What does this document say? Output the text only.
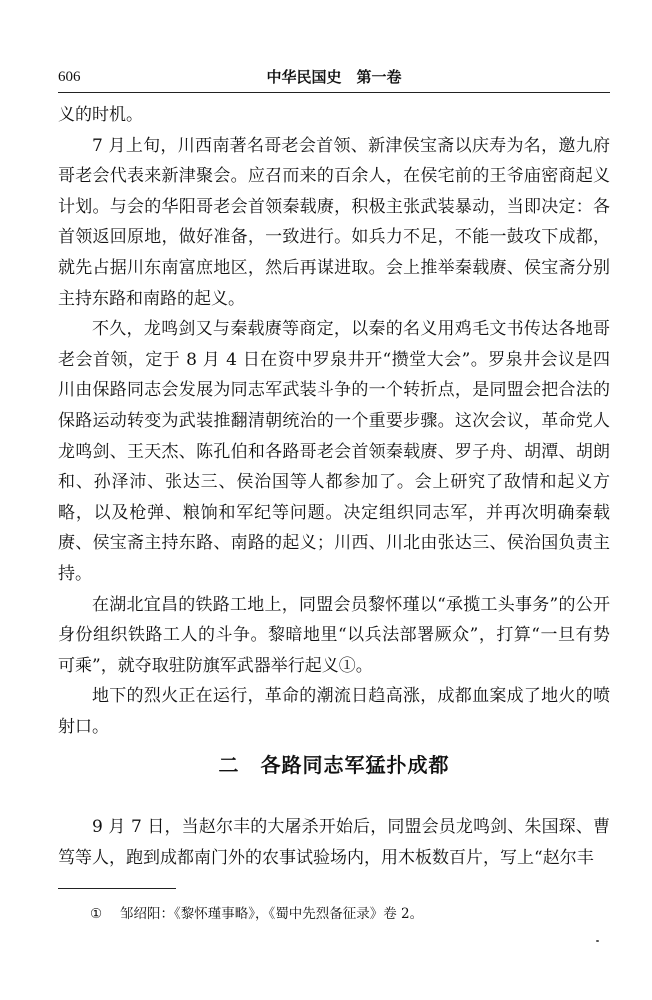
606	中华民国史　第一卷

义的时机。

7 月上旬，川西南著名哥老会首领、新津侯宝斋以庆寿为名，邀九府哥老会代表来新津聚会。应召而来的百余人，在侯宅前的王爷庙密商起义计划。与会的华阳哥老会首领秦载赓，积极主张武装暴动，当即决定：各首领返回原地，做好准备，一致进行。如兵力不足，不能一鼓攻下成都，就先占据川东南富庶地区，然后再谋进取。会上推举秦载赓、侯宝斋分别主持东路和南路的起义。

不久，龙鸣剑又与秦载赓等商定，以秦的名义用鸡毛文书传达各地哥老会首领，定于 8 月 4 日在资中罗泉井开“攒堂大会”。罗泉井会议是四川由保路同志会发展为同志军武装斗争的一个转折点，是同盟会把合法的保路运动转变为武装推翻清朝统治的一个重要步骤。这次会议，革命党人龙鸣剑、王天杰、陈孔伯和各路哥老会首领秦载赓、罗子舟、胡潭、胡朗和、孙泽沛、张达三、侯治国等人都参加了。会上研究了敌情和起义方略，以及枪弹、粮饷和军纪等问题。决定组织同志军，并再次明确秦载赓、侯宝斋主持东路、南路的起义；川西、川北由张达三、侯治国负责主持。

在湖北宜昌的铁路工地上，同盟会员黎怀瑾以“承揽工头事务”的公开身份组织铁路工人的斗争。黎暗地里“以兵法部署厥众”，打算“一旦有势可乘”，就夺取驻防旗军武器举行起义①。

地下的烈火正在运行，革命的潮流日趋高涨，成都血案成了地火的喷射口。

二　各路同志军猛扑成都

9 月 7 日，当赵尔丰的大屠杀开始后，同盟会员龙鸣剑、朱国琛、曹笃等人，跑到成都南门外的农事试验场内，用木板数百片，写上“赵尔丰

① 邹绍阳：《黎怀瑾事略》，《蜀中先烈备征录》卷 2。
